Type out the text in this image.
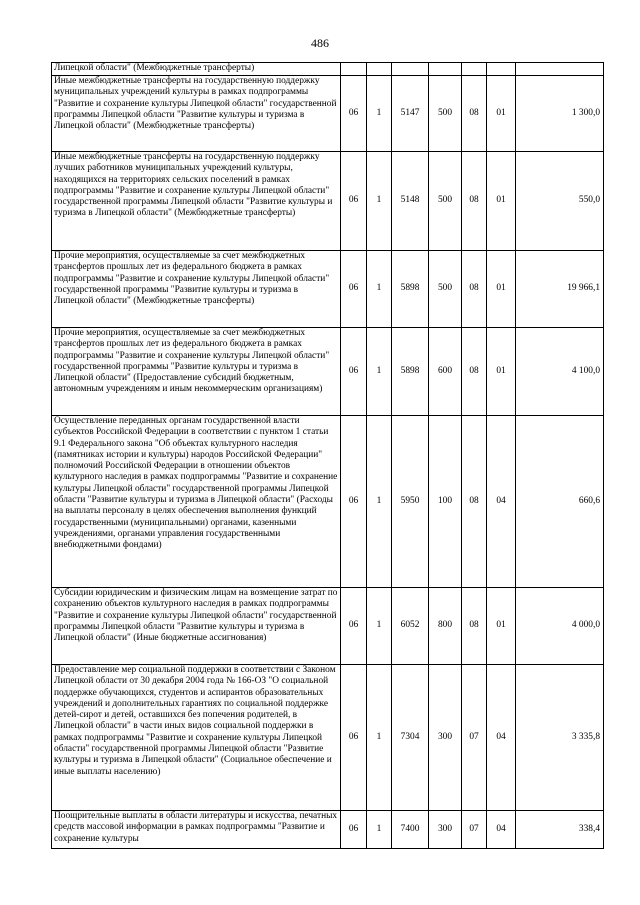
486
Липецкой области" (Межбюджетные трансферты)							
Иные межбюджетные трансферты на государственную поддержку муниципальных учреждений культуры в рамках подпрограммы "Развитие и сохранение культуры Липецкой области" государственной программы Липецкой области "Развитие культуры и туризма в Липецкой области" (Межбюджетные трансферты)	06	1	5147	500	08	01	1 300,0
Иные межбюджетные трансферты на государственную поддержку лучших работников муниципальных учреждений культуры, находящихся на территориях сельских поселений в рамках подпрограммы "Развитие и сохранение культуры Липецкой области" государственной программы Липецкой области "Развитие культуры и туризма в Липецкой области" (Межбюджетные трансферты)	06	1	5148	500	08	01	550,0
Прочие мероприятия, осуществляемые за счет межбюджетных трансфертов прошлых лет из федерального бюджета в рамках подпрограммы "Развитие и сохранение культуры Липецкой области" государственной программы "Развитие культуры и туризма в Липецкой области" (Межбюджетные трансферты)	06	1	5898	500	08	01	19 966,1
Прочие мероприятия, осуществляемые за счет межбюджетных трансфертов прошлых лет из федерального бюджета в рамках подпрограммы "Развитие и сохранение культуры Липецкой области" государственной программы "Развитие культуры и туризма в Липецкой области" (Предоставление субсидий бюджетным, автономным учреждениям и иным некоммерческим организациям)	06	1	5898	600	08	01	4 100,0
Осуществление переданных органам государственной власти субъектов Российской Федерации в соответствии с пунктом 1 статьи 9.1 Федерального закона "Об объектах культурного наследия (памятниках истории и культуры) народов Российской Федерации" полномочий Российской Федерации в отношении объектов культурного наследия в рамках подпрограммы "Развитие и сохранение культуры Липецкой области" государственной программы Липецкой области "Развитие культуры и туризма в Липецкой области" (Расходы на выплаты персоналу в целях обеспечения выполнения функций государственными (муниципальными) органами, казенными учреждениями, органами управления государственными внебюджетными фондами)	06	1	5950	100	08	04	660,6
Субсидии юридическим и физическим лицам на возмещение затрат по сохранению объектов культурного наследия в рамках подпрограммы "Развитие и сохранение культуры Липецкой области" государственной программы Липецкой области "Развитие культуры и туризма в Липецкой области" (Иные бюджетные ассигнования)	06	1	6052	800	08	01	4 000,0
Предоставление мер социальной поддержки в соответствии с Законом Липецкой области от 30 декабря 2004 года № 166-ОЗ "О социальной поддержке обучающихся, студентов и аспирантов образовательных учреждений и дополнительных гарантиях по социальной поддержке детей-сирот и детей, оставшихся без попечения родителей, в Липецкой области" в части иных видов социальной поддержки в рамках подпрограммы "Развитие и сохранение культуры Липецкой области" государственной программы Липецкой области "Развитие культуры и туризма в Липецкой области" (Социальное обеспечение и иные выплаты населению)	06	1	7304	300	07	04	3 335,8
Поощрительные выплаты в области литературы и искусства, печатных средств массовой информации в рамках подпрограммы "Развитие и сохранение культуры	06	1	7400	300	07	04	338,4
